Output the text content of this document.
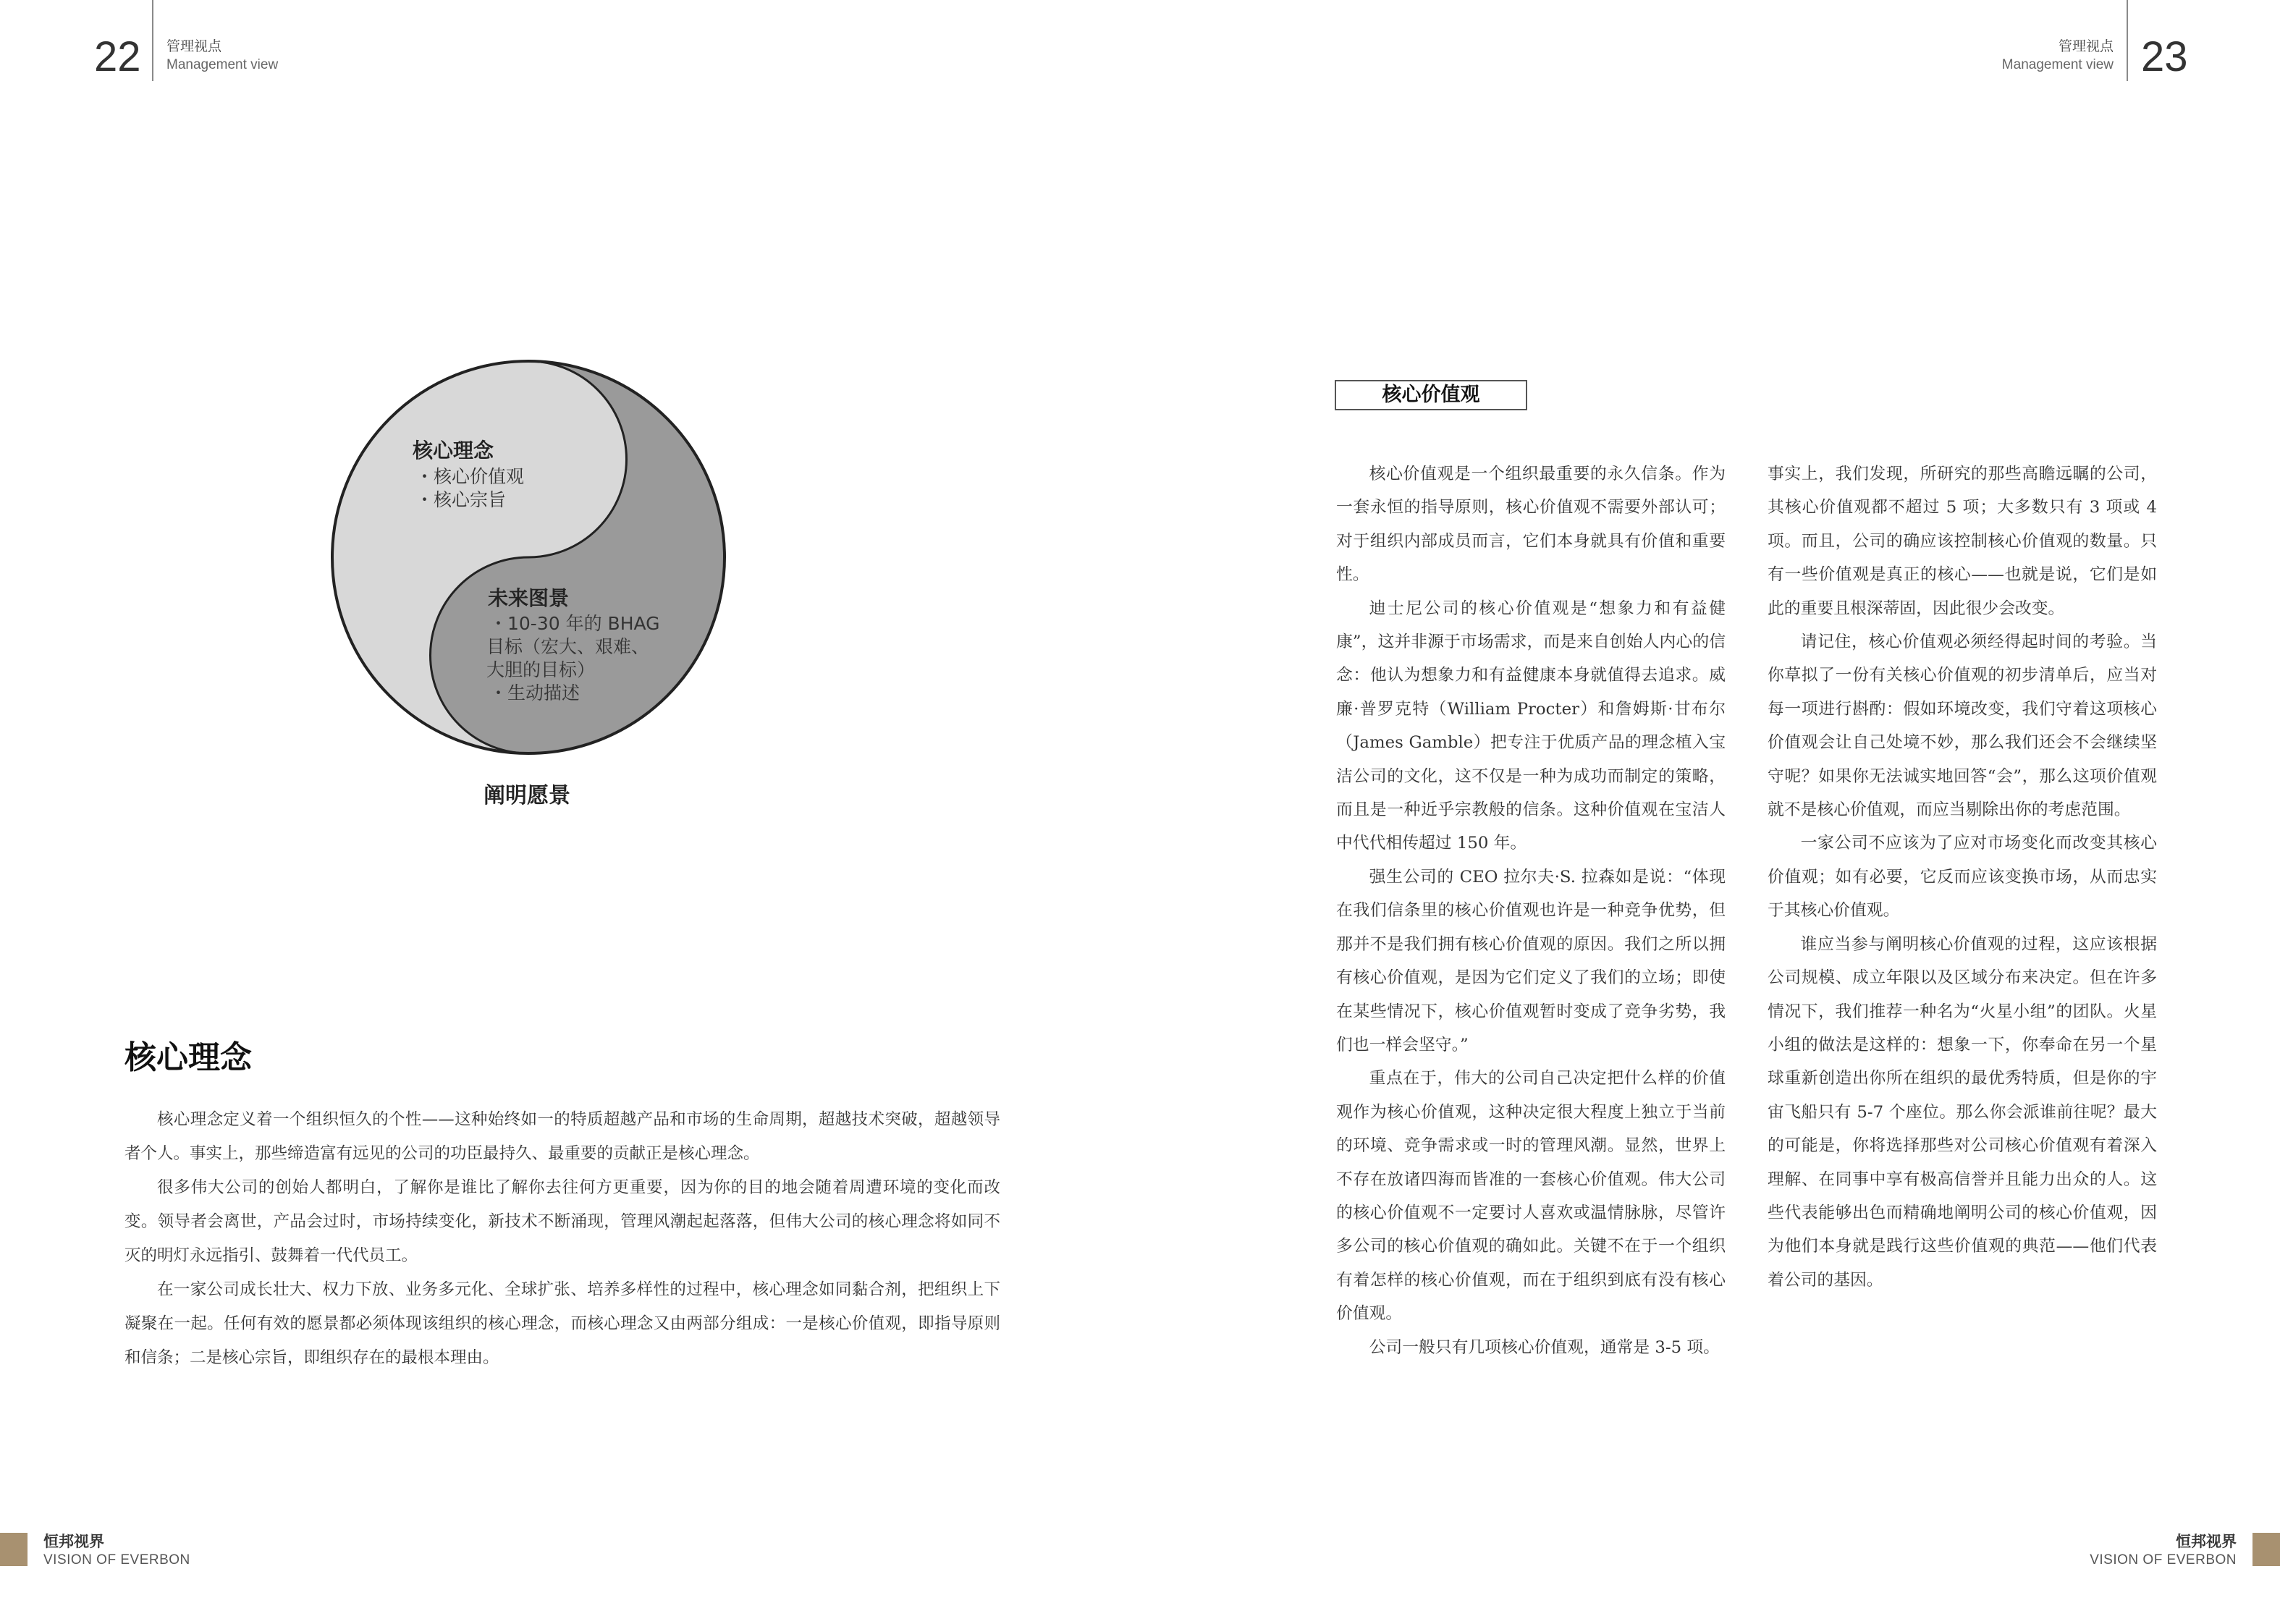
22 管理视点
Management view
管理视点
Management view 23
核心理念
・核心价值观
・核心宗旨
未来图景
・10-30 年的 BHAG
目标（宏大、艰难、
大胆的目标）
・生动描述
阐明愿景
核心理念

核心理念定义着一个组织恒久的个性——这种始终如一的特质超越产品和市场的生命周期，超越技术突破，超越领导者个人。事实上，那些缔造富有远见的公司的功臣最持久、最重要的贡献正是核心理念。

很多伟大公司的创始人都明白，了解你是谁比了解你去往何方更重要，因为你的目的地会随着周遭环境的变化而改变。领导者会离世，产品会过时，市场持续变化，新技术不断涌现，管理风潮起起落落，但伟大公司的核心理念将如同不灭的明灯永远指引、鼓舞着一代代员工。

在一家公司成长壮大、权力下放、业务多元化、全球扩张、培养多样性的过程中，核心理念如同黏合剂，把组织上下凝聚在一起。任何有效的愿景都必须体现该组织的核心理念，而核心理念又由两部分组成：一是核心价值观，即指导原则和信条；二是核心宗旨，即组织存在的最根本理由。

核心价值观

核心价值观是一个组织最重要的永久信条。作为一套永恒的指导原则，核心价值观不需要外部认可；对于组织内部成员而言，它们本身就具有价值和重要性。

迪士尼公司的核心价值观是“想象力和有益健康”，这并非源于市场需求，而是来自创始人内心的信念：他认为想象力和有益健康本身就值得去追求。威廉·普罗克特（William Procter）和詹姆斯·甘布尔（James Gamble）把专注于优质产品的理念植入宝洁公司的文化，这不仅是一种为成功而制定的策略，而且是一种近乎宗教般的信条。这种价值观在宝洁人中代代相传超过 150 年。

强生公司的 CEO 拉尔夫·S. 拉森如是说：“体现在我们信条里的核心价值观也许是一种竞争优势，但那并不是我们拥有核心价值观的原因。我们之所以拥有核心价值观，是因为它们定义了我们的立场；即使在某些情况下，核心价值观暂时变成了竞争劣势，我们也一样会坚守。”

重点在于，伟大的公司自己决定把什么样的价值观作为核心价值观，这种决定很大程度上独立于当前的环境、竞争需求或一时的管理风潮。显然，世界上不存在放诸四海而皆准的一套核心价值观。伟大公司的核心价值观不一定要讨人喜欢或温情脉脉，尽管许多公司的核心价值观的确如此。关键不在于一个组织有着怎样的核心价值观，而在于组织到底有没有核心价值观。

公司一般只有几项核心价值观，通常是 3-5 项。

事实上，我们发现，所研究的那些高瞻远瞩的公司，其核心价值观都不超过 5 项；大多数只有 3 项或 4 项。而且，公司的确应该控制核心价值观的数量。只有一些价值观是真正的核心——也就是说，它们是如此的重要且根深蒂固，因此很少会改变。

请记住，核心价值观必须经得起时间的考验。当你草拟了一份有关核心价值观的初步清单后，应当对每一项进行斟酌：假如环境改变，我们守着这项核心价值观会让自己处境不妙，那么我们还会不会继续坚守呢？如果你无法诚实地回答“会”，那么这项价值观就不是核心价值观，而应当剔除出你的考虑范围。

一家公司不应该为了应对市场变化而改变其核心价值观；如有必要，它反而应该变换市场，从而忠实于其核心价值观。

谁应当参与阐明核心价值观的过程，这应该根据公司规模、成立年限以及区域分布来决定。但在许多情况下，我们推荐一种名为“火星小组”的团队。火星小组的做法是这样的：想象一下，你奉命在另一个星球重新创造出你所在组织的最优秀特质，但是你的宇宙飞船只有 5-7 个座位。那么你会派谁前往呢？最大的可能是，你将选择那些对公司核心价值观有着深入理解、在同事中享有极高信誉并且能力出众的人。这些代表能够出色而精确地阐明公司的核心价值观，因为他们本身就是践行这些价值观的典范——他们代表着公司的基因。

恒邦视界
VISION OF EVERBON
恒邦视界
VISION OF EVERBON
